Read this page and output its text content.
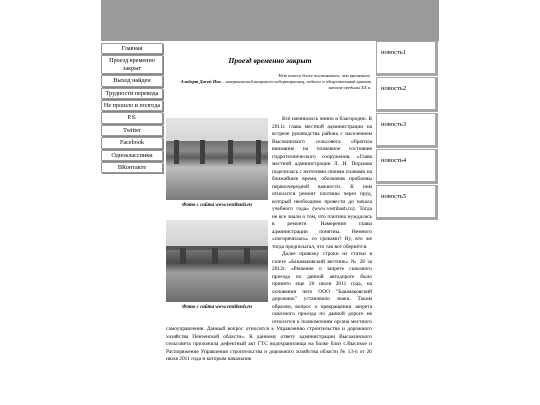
Главная
Проезд временно закрыт
Выход найден
Трудности перевода
Не прошло и полгода
P.S.
Twitter
Facebook
Одноклассники
ВКонтакте
Проезд временно закрыт
Нет ничего более постоянного, чем временное.
Альберт Джей Нок – американский анархист-либертарианец, педагог и общественный критик начала-средины XX в.
Фото с сайта www.vestibash.ru
Фото с сайта www.vestibash.ru

Всё начиналось чинно и благородно. В 2011г. глава местной администрации на встрече руководства района с населением Высокинского сельсовета обратила внимание на плачевное состояние гидротехнического сооружения. «Глава местной администрации Л. И. Порсюва поделилась с жителями своими планами на ближайшее время, обозначив проблемы первоочередной важности. К ним относится ремонт плотины через пруд, который необходимо провести до начала учебного года» (www.vestibash.ru). Тогда не все знали о том, что плотина нуждалась в ремонте. Намерения главы администрации понятны. Немного «погорячилась» со сроками? Ну, кто же тогда предполагал, что так всё обернётся.

Далее привожу строки из статьи в газете «Башмаковский вестник» № 28 за 2012г. «Решение о запрете сквозного проезда по данной автодороге было принято еще 26 июля 2011 года, на основании чего ООО "Башмаковский дорожник" установило знаки. Таким образом, вопрос о прекращении запрета сквозного проезда по данной дороге не относится к полномочиям органа местного самоуправления. Данный вопрос относится к Управлению строительства и дорожного хозяйства Пензенской области». К данному ответу администрации Высокинского сельсовета приложила дефектный акт ГТС водохранилища на балке близ с.Высокое и Распоряжение Управления строительства и дорожного хозяйства области № 13-п от 26 июля 2011 года и которым начальник

новость1
новость2
новость3
новость4
новость5
